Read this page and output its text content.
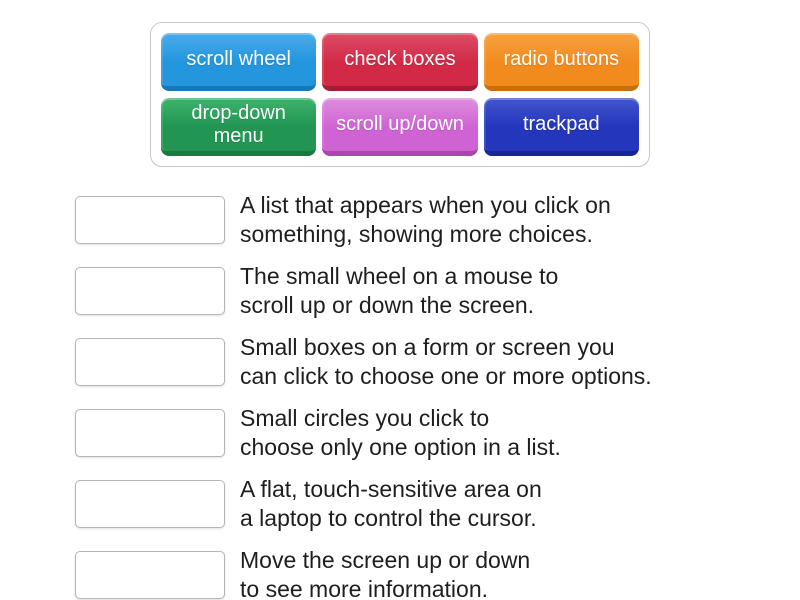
scroll wheel	check boxes	radio buttons
drop-down menu
scroll up/down	trackpad
A list that appears when you click on
something, showing more choices.
The small wheel on a mouse to
scroll up or down the screen.
Small boxes on a form or screen you
can click to choose one or more options.
Small circles you click to
choose only one option in a list.
A flat, touch-sensitive area on
a laptop to control the cursor.
Move the screen up or down
to see more information.
